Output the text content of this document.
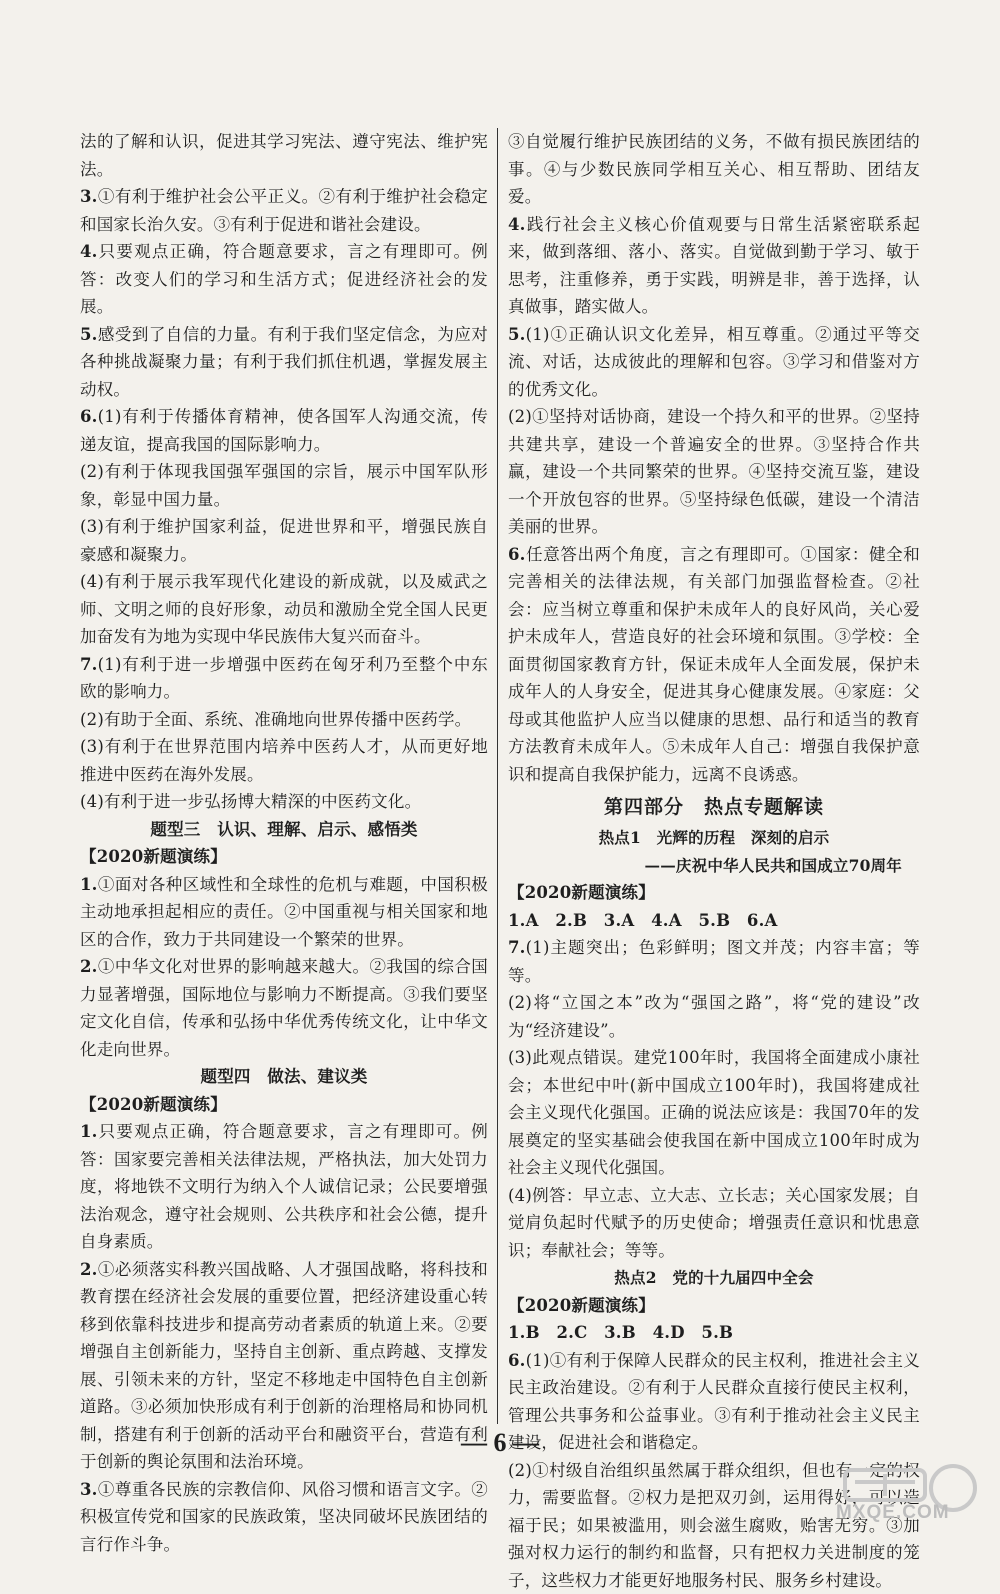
法的了解和认识，促进其学习宪法、遵守宪法、维护宪法。
3.①有利于维护社会公平正义。②有利于维护社会稳定和国家长治久安。③有利于促进和谐社会建设。
4.只要观点正确，符合题意要求，言之有理即可。例答：改变人们的学习和生活方式；促进经济社会的发展。
5.感受到了自信的力量。有利于我们坚定信念，为应对各种挑战凝聚力量；有利于我们抓住机遇，掌握发展主动权。
6.(1)有利于传播体育精神，使各国军人沟通交流，传递友谊，提高我国的国际影响力。
(2)有利于体现我国强军强国的宗旨，展示中国军队形象，彰显中国力量。
(3)有利于维护国家利益，促进世界和平，增强民族自豪感和凝聚力。
(4)有利于展示我军现代化建设的新成就，以及威武之师、文明之师的良好形象，动员和激励全党全国人民更加奋发有为地为实现中华民族伟大复兴而奋斗。
7.(1)有利于进一步增强中医药在匈牙利乃至整个中东欧的影响力。
(2)有助于全面、系统、准确地向世界传播中医药学。
(3)有利于在世界范围内培养中医药人才，从而更好地推进中医药在海外发展。
(4)有利于进一步弘扬博大精深的中医药文化。
题型三　认识、理解、启示、感悟类
【2020新题演练】
1.①面对各种区域性和全球性的危机与难题，中国积极主动地承担起相应的责任。②中国重视与相关国家和地区的合作，致力于共同建设一个繁荣的世界。
2.①中华文化对世界的影响越来越大。②我国的综合国力显著增强，国际地位与影响力不断提高。③我们要坚定文化自信，传承和弘扬中华优秀传统文化，让中华文化走向世界。
题型四　做法、建议类
【2020新题演练】
1.只要观点正确，符合题意要求，言之有理即可。例答：国家要完善相关法律法规，严格执法，加大处罚力度，将地铁不文明行为纳入个人诚信记录；公民要增强法治观念，遵守社会规则、公共秩序和社会公德，提升自身素质。
2.①必须落实科教兴国战略、人才强国战略，将科技和教育摆在经济社会发展的重要位置，把经济建设重心转移到依靠科技进步和提高劳动者素质的轨道上来。②要增强自主创新能力，坚持自主创新、重点跨越、支撑发展、引领未来的方针，坚定不移地走中国特色自主创新道路。③必须加快形成有利于创新的治理格局和协同机制，搭建有利于创新的活动平台和融资平台，营造有利于创新的舆论氛围和法治环境。
3.①尊重各民族的宗教信仰、风俗习惯和语言文字。②积极宣传党和国家的民族政策，坚决同破坏民族团结的言行作斗争。
③自觉履行维护民族团结的义务，不做有损民族团结的事。④与少数民族同学相互关心、相互帮助、团结友爱。
4.践行社会主义核心价值观要与日常生活紧密联系起来，做到落细、落小、落实。自觉做到勤于学习、敏于思考，注重修养，勇于实践，明辨是非，善于选择，认真做事，踏实做人。
5.(1)①正确认识文化差异，相互尊重。②通过平等交流、对话，达成彼此的理解和包容。③学习和借鉴对方的优秀文化。
(2)①坚持对话协商，建设一个持久和平的世界。②坚持共建共享，建设一个普遍安全的世界。③坚持合作共赢，建设一个共同繁荣的世界。④坚持交流互鉴，建设一个开放包容的世界。⑤坚持绿色低碳，建设一个清洁美丽的世界。
6.任意答出两个角度，言之有理即可。①国家：健全和完善相关的法律法规，有关部门加强监督检查。②社会：应当树立尊重和保护未成年人的良好风尚，关心爱护未成年人，营造良好的社会环境和氛围。③学校：全面贯彻国家教育方针，保证未成年人全面发展，保护未成年人的人身安全，促进其身心健康发展。④家庭：父母或其他监护人应当以健康的思想、品行和适当的教育方法教育未成年人。⑤未成年人自己：增强自我保护意识和提高自我保护能力，远离不良诱惑。
第四部分　热点专题解读
热点1　光辉的历程　深刻的启示
——庆祝中华人民共和国成立70周年
【2020新题演练】
1.A　2.B　3.A　4.A　5.B　6.A
7.(1)主题突出；色彩鲜明；图文并茂；内容丰富；等等。
(2)将“立国之本”改为“强国之路”，将“党的建设”改为“经济建设”。
(3)此观点错误。建党100年时，我国将全面建成小康社会；本世纪中叶(新中国成立100年时)，我国将建成社会主义现代化强国。正确的说法应该是：我国70年的发展奠定的坚实基础会使我国在新中国成立100年时成为社会主义现代化强国。
(4)例答：早立志、立大志、立长志；关心国家发展；自觉肩负起时代赋予的历史使命；增强责任意识和忧患意识；奉献社会；等等。
热点2　党的十九届四中全会
【2020新题演练】
1.B　2.C　3.B　4.D　5.B
6.(1)①有利于保障人民群众的民主权利，推进社会主义民主政治建设。②有利于人民群众直接行使民主权利，管理公共事务和公益事业。③有利于推动社会主义民主建设，促进社会和谐稳定。
(2)①村级自治组织虽然属于群众组织，但也有一定的权力，需要监督。②权力是把双刃剑，运用得好，可以造福于民；如果被滥用，则会滋生腐败，贻害无穷。③加强对权力运行的制约和监督，只有把权力关进制度的笼子，这些权力才能更好地服务村民、服务乡村建设。
— 6 —
MXQE.COM
